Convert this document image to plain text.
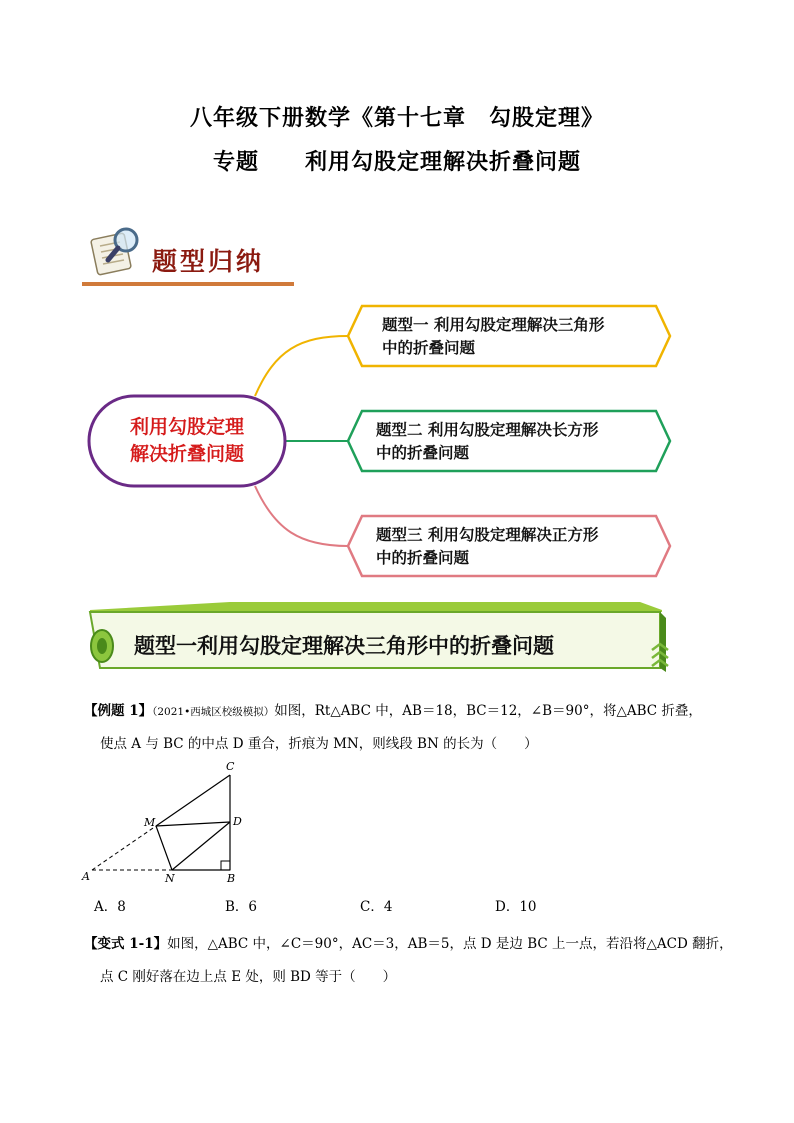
八年级下册数学《第十七章　勾股定理》
专题　　利用勾股定理解决折叠问题
题型归纳
利用勾股定理
解决折叠问题
题型一 利用勾股定理解决三角形
中的折叠问题
题型二 利用勾股定理解决长方形
中的折叠问题
题型三 利用勾股定理解决正方形
中的折叠问题
题型一利用勾股定理解决三角形中的折叠问题
【例题 1】（2021•西城区校级模拟）如图，Rt△ABC 中，AB＝18，BC＝12，∠B＝90°，将△ABC 折叠，
使点 A 与 BC 的中点 D 重合，折痕为 MN，则线段 BN 的长为（　　）
C
M	D
A	N	B
A．8	B．6	C．4	D．10
【变式 1-1】如图，△ABC 中，∠C＝90°，AC＝3，AB＝5，点 D 是边 BC 上一点，若沿将△ACD 翻折，
点 C 刚好落在边上点 E 处，则 BD 等于（　　）
